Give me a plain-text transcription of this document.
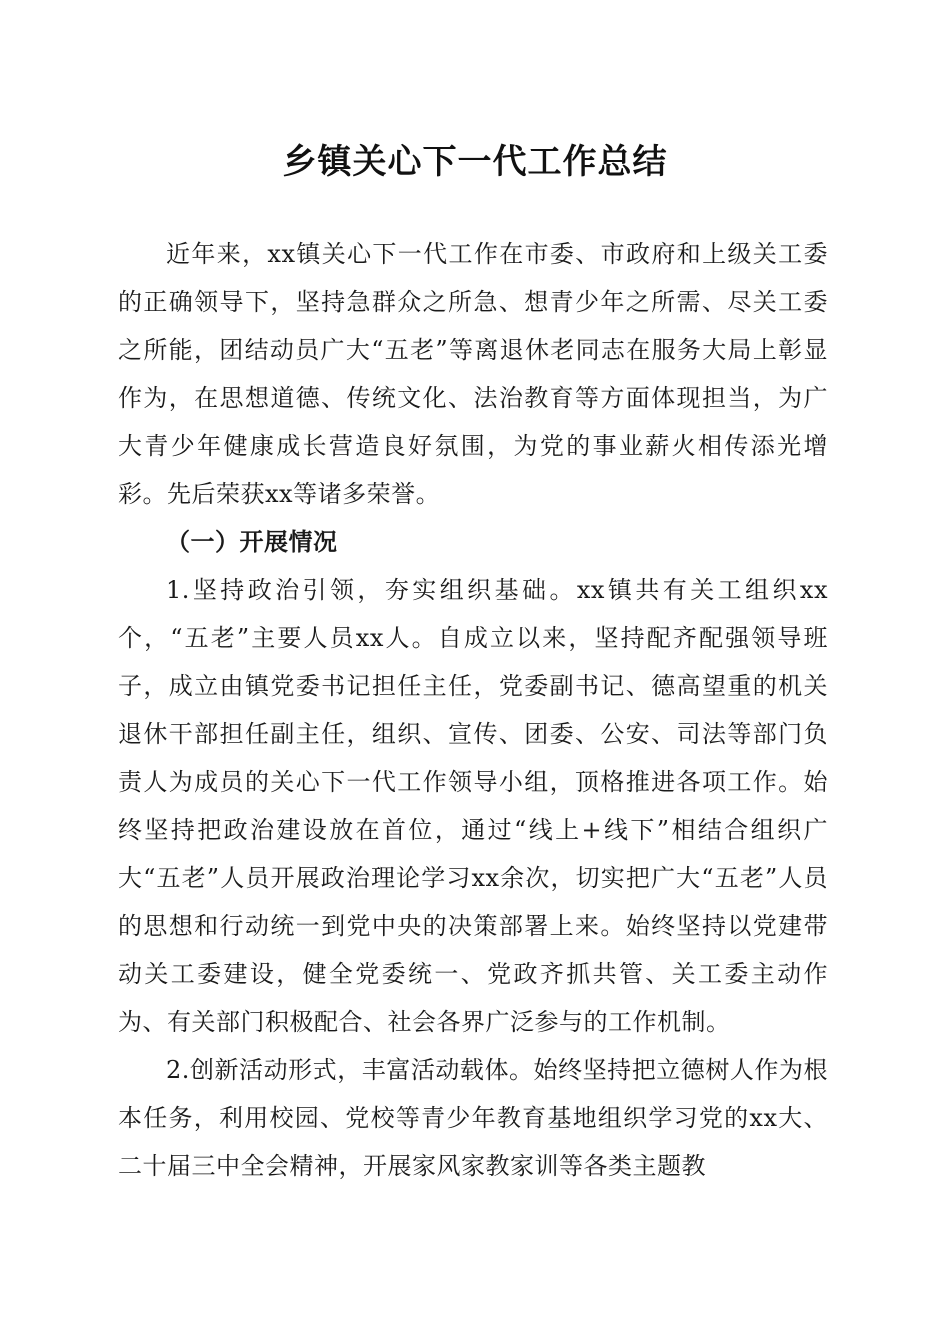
乡镇关心下一代工作总结

近年来，xx镇关心下一代工作在市委、市政府和上级关工委的正确领导下，坚持急群众之所急、想青少年之所需、尽关工委之所能，团结动员广大“五老”等离退休老同志在服务大局上彰显作为，在思想道德、传统文化、法治教育等方面体现担当，为广大青少年健康成长营造良好氛围，为党的事业薪火相传添光增彩。先后荣获xx等诸多荣誉。

（一）开展情况

1.坚持政治引领，夯实组织基础。xx镇共有关工组织xx个，“五老”主要人员xx人。自成立以来，坚持配齐配强领导班子，成立由镇党委书记担任主任，党委副书记、德高望重的机关退休干部担任副主任，组织、宣传、团委、公安、司法等部门负责人为成员的关心下一代工作领导小组，顶格推进各项工作。始终坚持把政治建设放在首位，通过“线上+线下”相结合组织广大“五老”人员开展政治理论学习xx余次，切实把广大“五老”人员的思想和行动统一到党中央的决策部署上来。始终坚持以党建带动关工委建设，健全党委统一、党政齐抓共管、关工委主动作为、有关部门积极配合、社会各界广泛参与的工作机制。

2.创新活动形式，丰富活动载体。始终坚持把立德树人作为根本任务，利用校园、党校等青少年教育基地组织学习党的xx大、二十届三中全会精神，开展家风家教家训等各类主题教
